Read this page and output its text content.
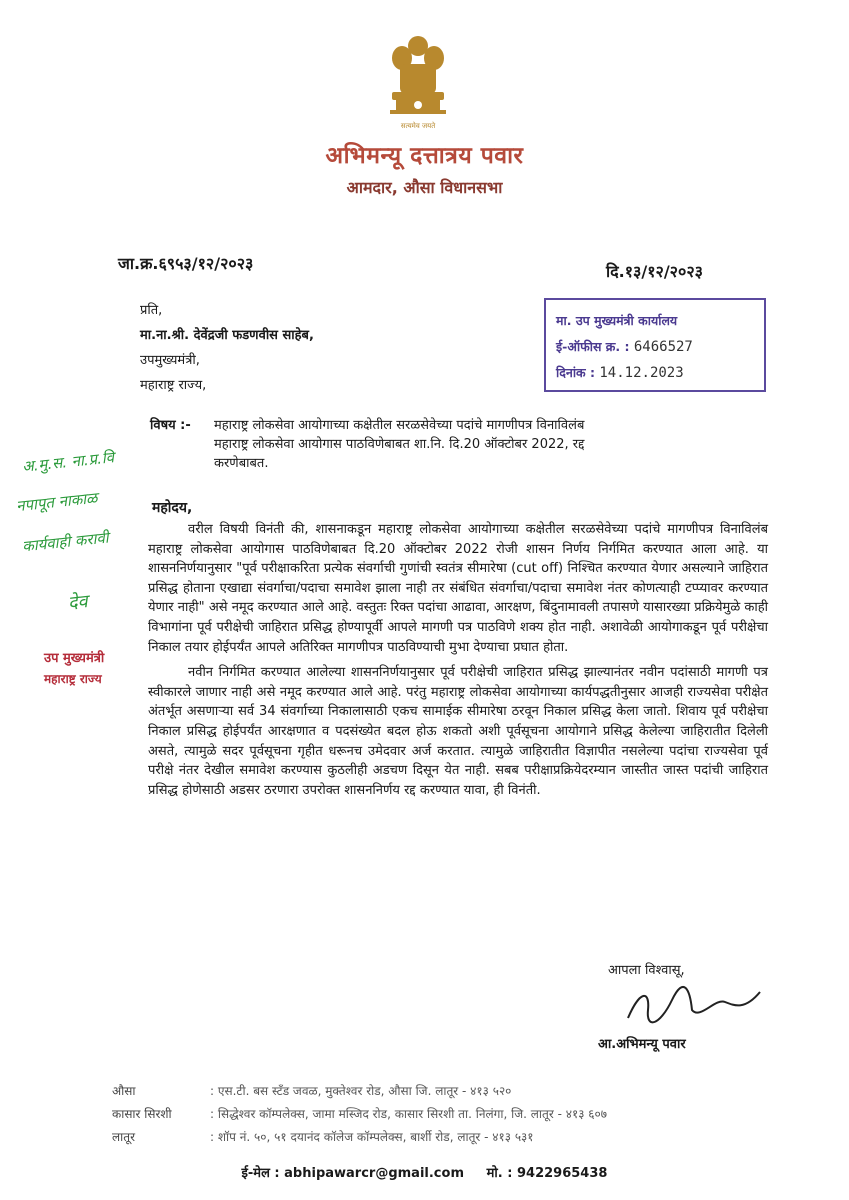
सत्यमेव जयते
अभिमन्यू दत्तात्रय पवार
आमदार, औसा विधानसभा
जा.क्र.६९५३/१२/२०२३	दि.१३/१२/२०२३
प्रति,
मा.ना.श्री. देवेंद्रजी फडणवीस साहेब,
उपमुख्यमंत्री,
महाराष्ट्र राज्य,
मा. उप मुख्यमंत्री कार्यालय
ई-ऑफीस क्र. : 6466527
दिनांक : 14.12.2023
विषय :- महाराष्ट्र लोकसेवा आयोगाच्या कक्षेतील सरळसेवेच्या पदांचे मागणीपत्र विनाविलंब
महाराष्ट्र लोकसेवा आयोगास पाठविणेबाबत शा.नि. दि.20 ऑक्टोबर 2022, रद्द
करणेबाबत.
अ.मु.स. ना.प्र.वि
नपापूत नाकाळ
कार्यवाही करावी
देव
उप मुख्यमंत्री
महाराष्ट्र राज्य
महोदय,

वरील विषयी विनंती की, शासनाकडून महाराष्ट्र लोकसेवा आयोगाच्या कक्षेतील सरळसेवेच्या पदांचे मागणीपत्र विनाविलंब महाराष्ट्र लोकसेवा आयोगास पाठविणेबाबत दि.20 ऑक्टोबर 2022 रोजी शासन निर्णय निर्गमित करण्यात आला आहे. या शासननिर्णयानुसार "पूर्व परीक्षाकरिता प्रत्येक संवर्गाची गुणांची स्वतंत्र सीमारेषा (cut off) निश्चित करण्यात येणार असल्याने जाहिरात प्रसिद्ध होताना एखाद्या संवर्गाचा/पदाचा समावेश झाला नाही तर संबंधित संवर्गाचा/पदाचा समावेश नंतर कोणत्याही टप्प्यावर करण्यात येणार नाही" असे नमूद करण्यात आले आहे. वस्तुतः रिक्त पदांचा आढावा, आरक्षण, बिंदुनामावली तपासणे यासारख्या प्रक्रियेमुळे काही विभागांना पूर्व परीक्षेची जाहिरात प्रसिद्ध होण्यापूर्वी आपले मागणी पत्र पाठविणे शक्य होत नाही. अशावेळी आयोगाकडून पूर्व परीक्षेचा निकाल तयार होईपर्यंत आपले अतिरिक्त मागणीपत्र पाठविण्याची मुभा देण्याचा प्रघात होता.

नवीन निर्गमित करण्यात आलेल्या शासननिर्णयानुसार पूर्व परीक्षेची जाहिरात प्रसिद्ध झाल्यानंतर नवीन पदांसाठी मागणी पत्र स्वीकारले जाणार नाही असे नमूद करण्यात आले आहे. परंतु महाराष्ट्र लोकसेवा आयोगाच्या कार्यपद्धतीनुसार आजही राज्यसेवा परीक्षेत अंतर्भूत असणाऱ्या सर्व 34 संवर्गाच्या निकालासाठी एकच सामाईक सीमारेषा ठरवून निकाल प्रसिद्ध केला जातो. शिवाय पूर्व परीक्षेचा निकाल प्रसिद्ध होईपर्यंत आरक्षणात व पदसंख्येत बदल होऊ शकतो अशी पूर्वसूचना आयोगाने प्रसिद्ध केलेल्या जाहिरातीत दिलेली असते, त्यामुळे सदर पूर्वसूचना गृहीत धरूनच उमेदवार अर्ज करतात. त्यामुळे जाहिरातीत विज्ञापीत नसलेल्या पदांचा राज्यसेवा पूर्व परीक्षे नंतर देखील समावेश करण्यास कुठलीही अडचण दिसून येत नाही. सबब परीक्षाप्रक्रियेदरम्यान जास्तीत जास्त पदांची जाहिरात प्रसिद्ध होणेसाठी अडसर ठरणारा उपरोक्त शासननिर्णय रद्द करण्यात यावा, ही विनंती.

आपला विश्वासू,
आ.अभिमन्यू पवार
औसा	: एस.टी. बस स्टँड जवळ, मुक्तेश्वर रोड, औसा जि. लातूर - ४१३ ५२०
कासार सिरशी	: सिद्धेश्वर कॉम्पलेक्स, जामा मस्जिद रोड, कासार सिरशी ता. निलंगा, जि. लातूर - ४१३ ६०७
लातूर	: शॉप नं. ५०, ५१ दयानंद कॉलेज कॉम्पलेक्स, बार्शी रोड, लातूर - ४१३ ५३१
ई-मेल : abhipawarcr@gmail.com मो. : 9422965438
